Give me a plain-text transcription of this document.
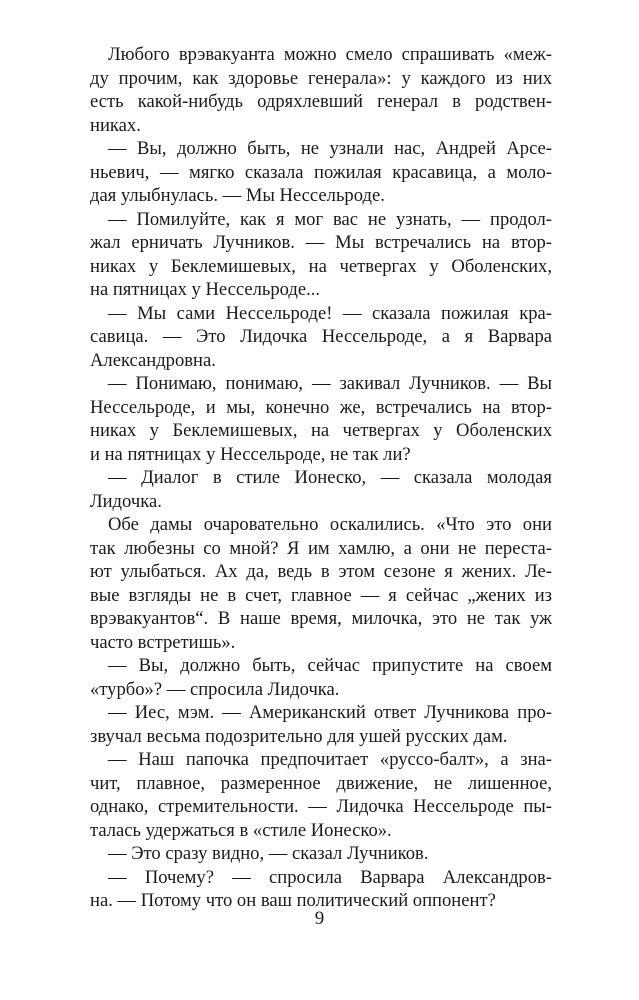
Любого врэвакуанта можно смело спрашивать «меж-
ду прочим, как здоровье генерала»: у каждого из них
есть какой-нибудь одряхлевший генерал в родствен-
никах.
— Вы, должно быть, не узнали нас, Андрей Арсе-
ньевич, — мягко сказала пожилая красавица, а моло-
дая улыбнулась. — Мы Нессельроде.
— Помилуйте, как я мог вас не узнать, — продол-
жал ерничать Лучников. — Мы встречались на втор-
никах у Беклемишевых, на четвергах у Оболенских,
на пятницах у Нессельроде...
— Мы сами Нессельроде! — сказала пожилая кра-
савица. — Это Лидочка Нессельроде, а я Варвара
Александровна.
— Понимаю, понимаю, — закивал Лучников. — Вы
Нессельроде, и мы, конечно же, встречались на втор-
никах у Беклемишевых, на четвергах у Оболенских
и на пятницах у Нессельроде, не так ли?
— Диалог в стиле Ионеско, — сказала молодая
Лидочка.
Обе дамы очаровательно оскалились. «Что это они
так любезны со мной? Я им хамлю, а они не переста-
ют улыбаться. Ах да, ведь в этом сезоне я жених. Ле-
вые взгляды не в счет, главное — я сейчас „жених из
врэвакуантов“. В наше время, милочка, это не так уж
часто встретишь».
— Вы, должно быть, сейчас припустите на своем
«турбо»? — спросила Лидочка.
— Иес, мэм. — Американский ответ Лучникова про-
звучал весьма подозрительно для ушей русских дам.
— Наш папочка предпочитает «руссо-балт», а зна-
чит, плавное, размеренное движение, не лишенное,
однако, стремительности. — Лидочка Нессельроде пы-
талась удержаться в «стиле Ионеско».
— Это сразу видно, — сказал Лучников.
— Почему? — спросила Варвара Александров-
на. — Потому что он ваш политический оппонент?
9
